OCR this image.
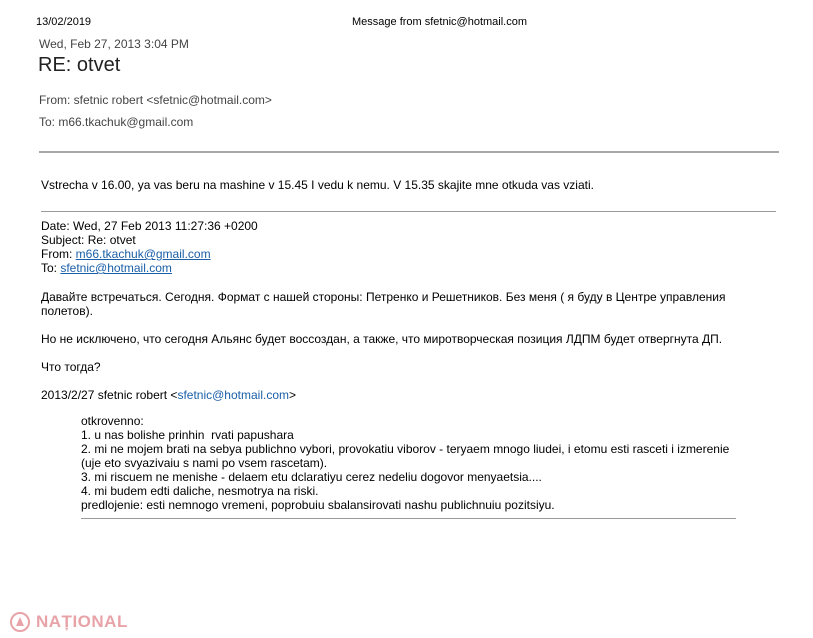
13/02/2019	Message from sfetnic@hotmail.com
Wed, Feb 27, 2013 3:04 PM
RE: otvet
From: sfetnic robert <sfetnic@hotmail.com>
To: m66.tkachuk@gmail.com
Vstrecha v 16.00, ya vas beru na mashine v 15.45 I vedu k nemu. V 15.35 skajite mne otkuda vas vziati.
Date: Wed, 27 Feb 2013 11:27:36 +0200
Subject: Re: otvet
From: m66.tkachuk@gmail.com
To: sfetnic@hotmail.com
Давайте встречаться. Сегодня. Формат с нашей стороны: Петренко и Решетников. Без меня ( я буду в Центре управления полетов).
Но не исключено, что сегодня Альянс будет воссоздан, а также, что миротворческая позиция ЛДПМ будет отвергнута ДП.
Что тогда?
2013/2/27 sfetnic robert <sfetnic@hotmail.com>
otkrovenno:
1. u nas bolishe prinhin  rvati papushara
2. mi ne mojem brati na sebya publichno vybori, provokatiu viborov - teryaem mnogo liudei, i etomu esti rasceti i izmerenie (uje eto svyazivaiu s nami po vsem rascetam).
3. mi riscuem ne menishe - delaem etu dclaratiyu cerez nedeliu dogovor menyaetsia....
4. mi budem edti daliche, nesmotrya na riski.
predlojenie: esti nemnogo vremeni, poprobuiu sbalansirovati nashu publichnuiu pozitsiyu.
NAȚIONAL
